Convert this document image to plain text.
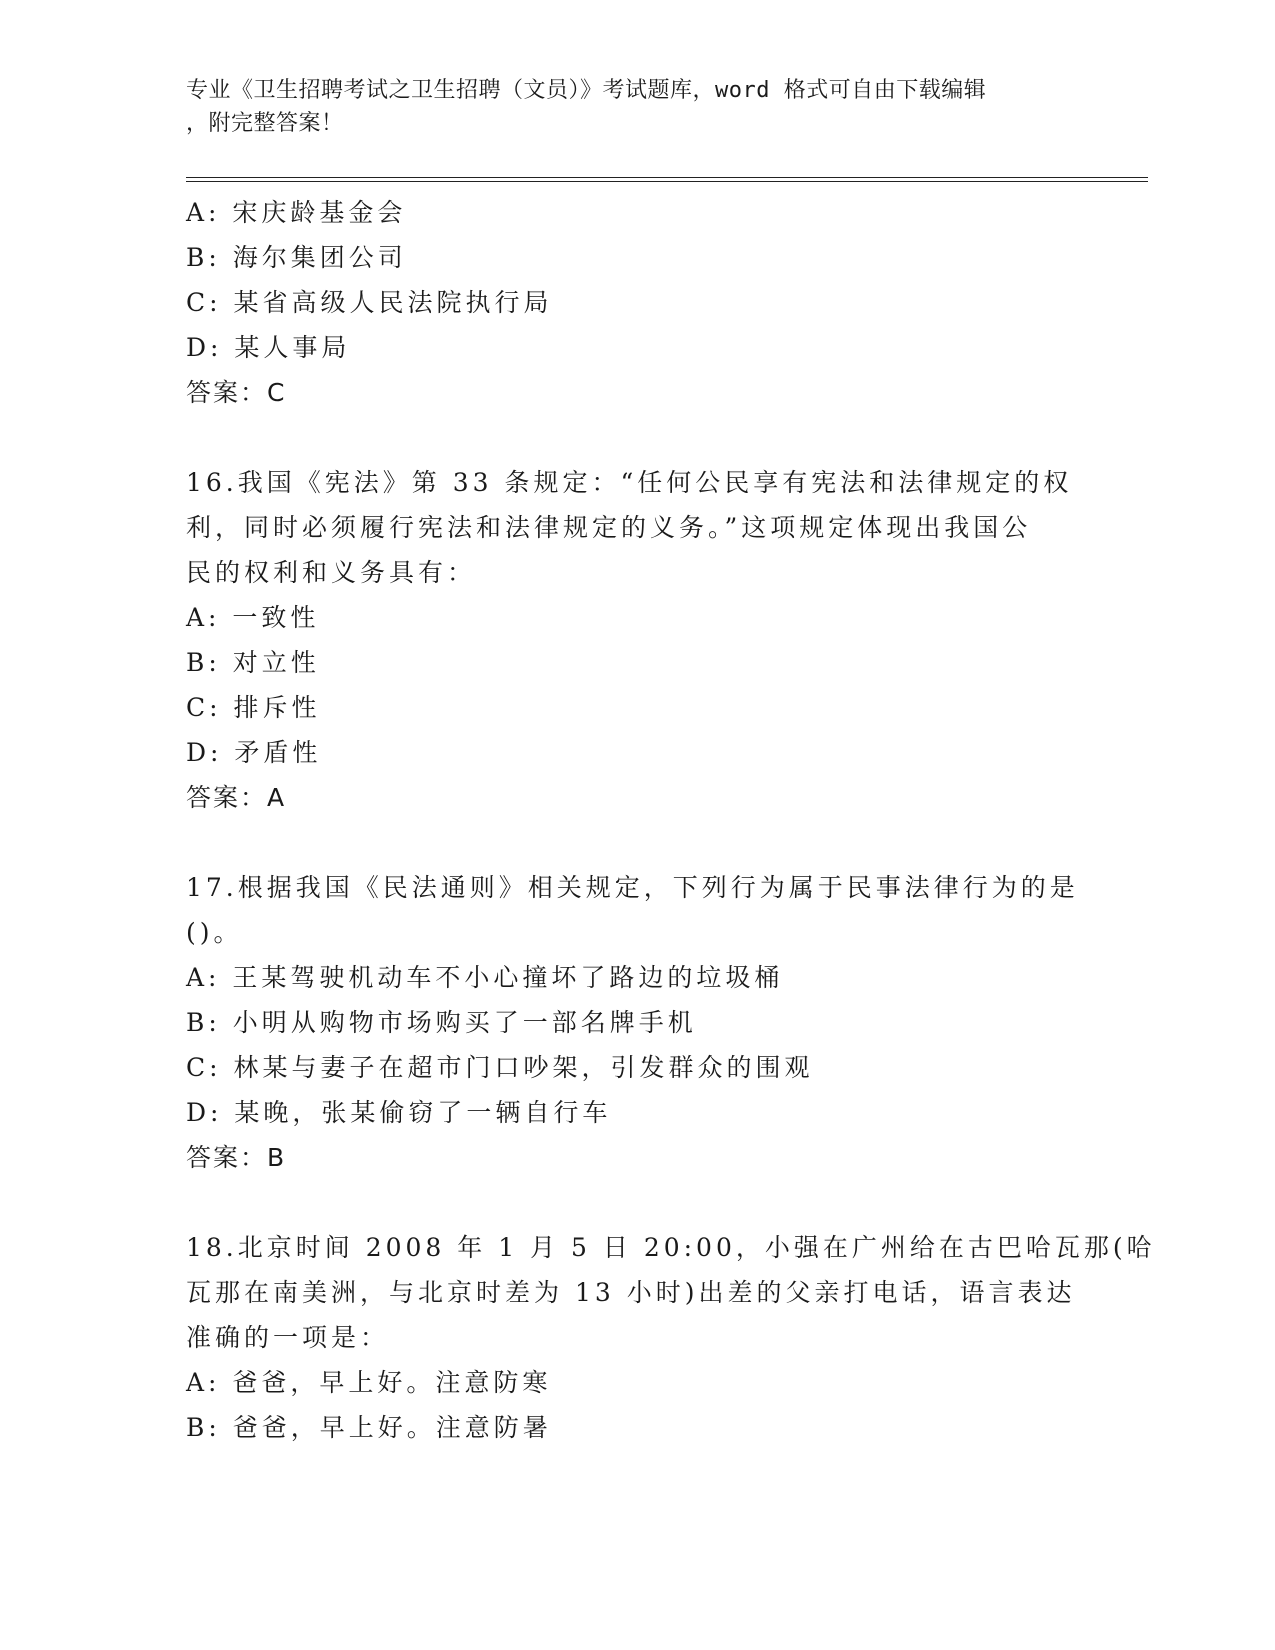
专业《卫生招聘考试之卫生招聘（文员）》考试题库，word 格式可自由下载编辑
，附完整答案！
A: 宋庆龄基金会
B: 海尔集团公司
C: 某省高级人民法院执行局
D: 某人事局
答案：C
16.我国《宪法》第 33 条规定：“任何公民享有宪法和法律规定的权
利，同时必须履行宪法和法律规定的义务。”这项规定体现出我国公
民的权利和义务具有：
A: 一致性
B: 对立性
C: 排斥性
D: 矛盾性
答案：A
17.根据我国《民法通则》相关规定，下列行为属于民事法律行为的是
()。
A: 王某驾驶机动车不小心撞坏了路边的垃圾桶
B: 小明从购物市场购买了一部名牌手机
C: 林某与妻子在超市门口吵架，引发群众的围观
D: 某晚，张某偷窃了一辆自行车
答案：B
18.北京时间 2008 年 1 月 5 日 20:00，小强在广州给在古巴哈瓦那(哈
瓦那在南美洲，与北京时差为 13 小时)出差的父亲打电话，语言表达
准确的一项是：
A: 爸爸，早上好。注意防寒
B: 爸爸，早上好。注意防暑
